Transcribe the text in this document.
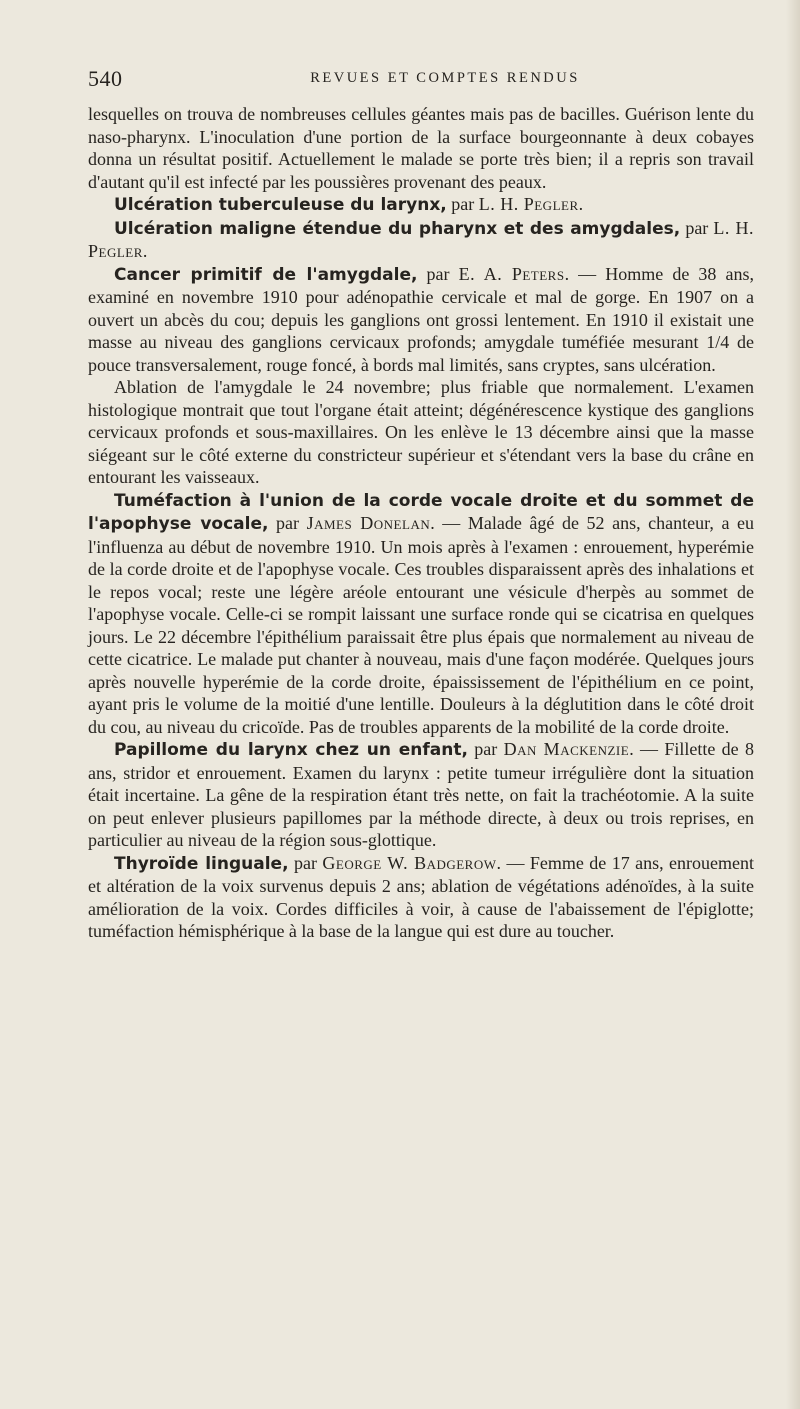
540	REVUES ET COMPTES RENDUS

lesquelles on trouva de nombreuses cellules géantes mais pas de bacilles. Guérison lente du naso-pharynx. L'inoculation d'une portion de la surface bourgeonnante à deux cobayes donna un résultat positif. Actuellement le malade se porte très bien; il a repris son travail d'autant qu'il est infecté par les poussières provenant des peaux.

Ulcération tuberculeuse du larynx, par L. H. Pegler.

Ulcération maligne étendue du pharynx et des amygdales, par L. H. Pegler.

Cancer primitif de l'amygdale, par E. A. Peters. — Homme de 38 ans, examiné en novembre 1910 pour adénopathie cervicale et mal de gorge. En 1907 on a ouvert un abcès du cou; depuis les ganglions ont grossi lentement. En 1910 il existait une masse au niveau des ganglions cervicaux profonds; amygdale tuméfiée mesurant 1/4 de pouce transversalement, rouge foncé, à bords mal limités, sans cryptes, sans ulcération.

Ablation de l'amygdale le 24 novembre; plus friable que normalement. L'examen histologique montrait que tout l'organe était atteint; dégénérescence kystique des ganglions cervicaux profonds et sous-maxillaires. On les enlève le 13 décembre ainsi que la masse siégeant sur le côté externe du constricteur supérieur et s'étendant vers la base du crâne en entourant les vaisseaux.

Tuméfaction à l'union de la corde vocale droite et du sommet de l'apophyse vocale, par James Donelan. — Malade âgé de 52 ans, chanteur, a eu l'influenza au début de novembre 1910. Un mois après à l'examen : enrouement, hyperémie de la corde droite et de l'apophyse vocale. Ces troubles disparaissent après des inhalations et le repos vocal; reste une légère aréole entourant une vésicule d'herpès au sommet de l'apophyse vocale. Celle-ci se rompit laissant une surface ronde qui se cicatrisa en quelques jours. Le 22 décembre l'épithélium paraissait être plus épais que normalement au niveau de cette cicatrice. Le malade put chanter à nouveau, mais d'une façon modérée. Quelques jours après nouvelle hyperémie de la corde droite, épaississement de l'épithélium en ce point, ayant pris le volume de la moitié d'une lentille. Douleurs à la déglutition dans le côté droit du cou, au niveau du cricoïde. Pas de troubles apparents de la mobilité de la corde droite.

Papillome du larynx chez un enfant, par Dan Mackenzie. — Fillette de 8 ans, stridor et enrouement. Examen du larynx : petite tumeur irrégulière dont la situation était incertaine. La gêne de la respiration étant très nette, on fait la trachéotomie. A la suite on peut enlever plusieurs papillomes par la méthode directe, à deux ou trois reprises, en particulier au niveau de la région sous-glottique.

Thyroïde linguale, par George W. Badgerow. — Femme de 17 ans, enrouement et altération de la voix survenus depuis 2 ans; ablation de végétations adénoïdes, à la suite amélioration de la voix. Cordes difficiles à voir, à cause de l'abaissement de l'épiglotte; tuméfaction hémisphérique à la base de la langue qui est dure au toucher.
